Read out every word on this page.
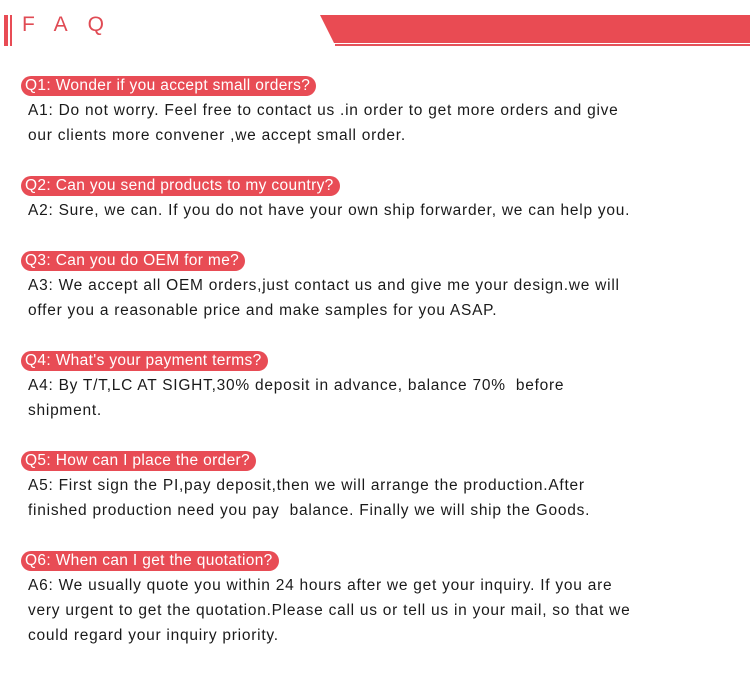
FAQ
Q1: Wonder if you accept small orders?
A1: Do not worry. Feel free to contact us .in order to get more orders and give
our clients more convener ,we accept small order.
Q2: Can you send products to my country?
A2: Sure, we can. If you do not have your own ship forwarder, we can help you.
Q3: Can you do OEM for me?
A3: We accept all OEM orders,just contact us and give me your design.we will
offer you a reasonable price and make samples for you ASAP.
Q4: What's your payment terms?
A4: By T/T,LC AT SIGHT,30% deposit in advance, balance 70%  before
shipment.
Q5: How can I place the order?
A5: First sign the PI,pay deposit,then we will arrange the production.After
finished production need you pay  balance. Finally we will ship the Goods.
Q6: When can I get the quotation?
A6: We usually quote you within 24 hours after we get your inquiry. If you are
very urgent to get the quotation.Please call us or tell us in your mail, so that we
could regard your inquiry priority.
